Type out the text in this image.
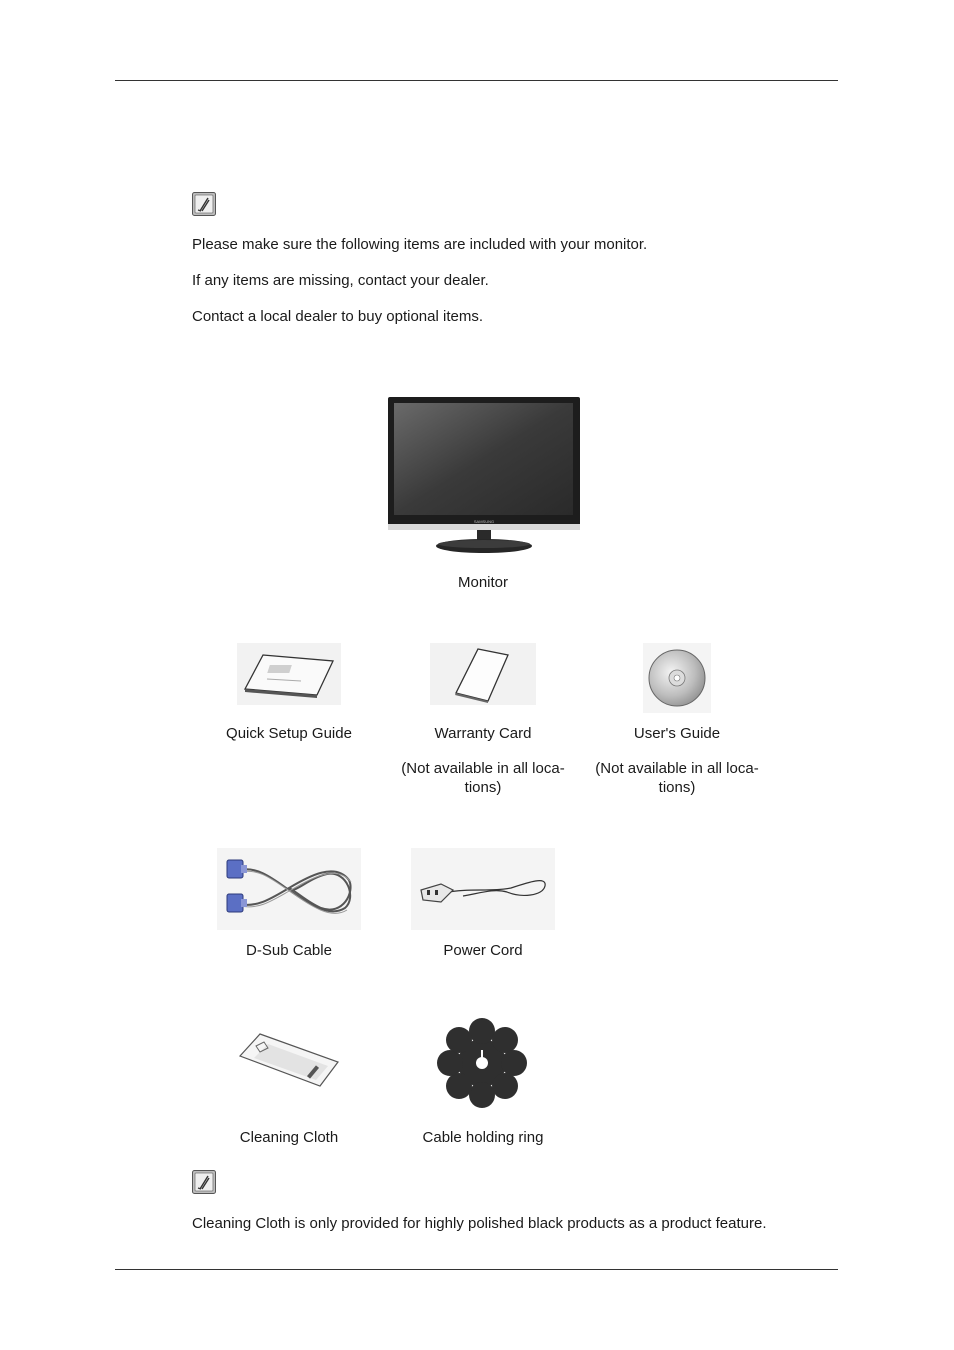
Please make sure the following items are included with your monitor.
If any items are missing, contact your dealer.
Contact a local dealer to buy optional items.
SAMSUNG
Monitor
Quick Setup Guide	Warranty Card	User's Guide
(Not available in all loca-
tions)
(Not available in all loca-
tions)
D-Sub Cable	Power Cord
Cleaning Cloth	Cable holding ring
Cleaning Cloth is only provided for highly polished black products as a product feature.
